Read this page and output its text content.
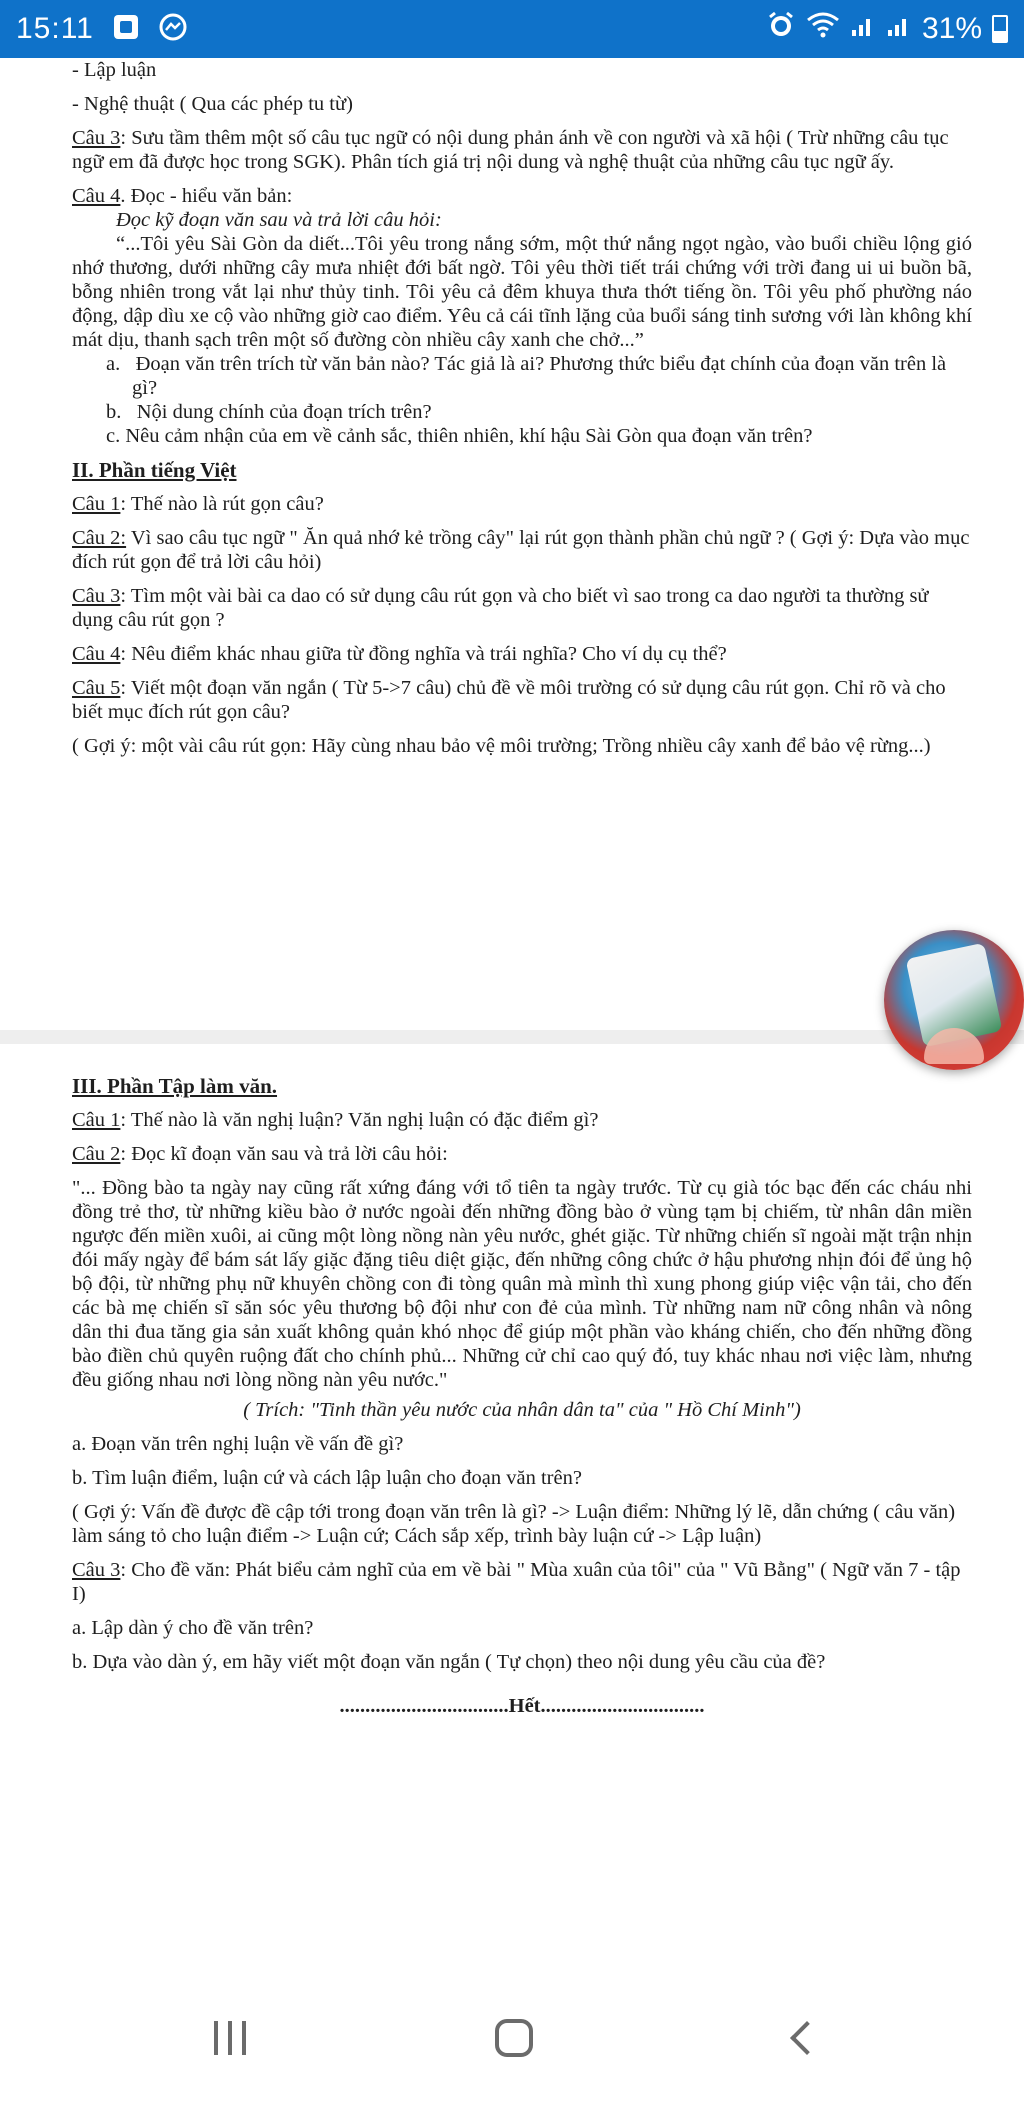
15:11	31%

- Lập luận

- Nghệ thuật ( Qua các phép tu từ)

Câu 3: Sưu tầm thêm một số câu tục ngữ có nội dung phản ánh về con người và xã hội ( Trừ những câu tục ngữ em đã được học trong SGK). Phân tích giá trị nội dung và nghệ thuật của những câu tục ngữ ấy.

Câu 4. Đọc - hiểu văn bản:

Đọc kỹ đoạn văn sau và trả lời câu hỏi:

“...Tôi yêu Sài Gòn da diết...Tôi yêu trong nắng sớm, một thứ nắng ngọt ngào, vào buổi chiều lộng gió nhớ thương, dưới những cây mưa nhiệt đới bất ngờ. Tôi yêu thời tiết trái chứng với trời đang ui ui buồn bã, bỗng nhiên trong vắt lại như thủy tinh. Tôi yêu cả đêm khuya thưa thớt tiếng ồn. Tôi yêu phố phường náo động, dập dìu xe cộ vào những giờ cao điểm. Yêu cả cái tĩnh lặng của buổi sáng tinh sương với làn không khí mát dịu, thanh sạch trên một số đường còn nhiều cây xanh che chở...”

a.   Đoạn văn trên trích từ văn bản nào? Tác giả là ai? Phương thức biểu đạt chính của đoạn văn trên là gì?

b.   Nội dung chính của đoạn trích trên?

c. Nêu cảm nhận của em về cảnh sắc, thiên nhiên, khí hậu Sài Gòn qua đoạn văn trên?

II. Phần tiếng Việt

Câu 1: Thế nào là rút gọn câu?

Câu 2: Vì sao câu tục ngữ " Ăn quả nhớ kẻ trồng cây" lại rút gọn thành phần chủ ngữ ? ( Gợi ý: Dựa vào mục đích rút gọn để trả lời câu hỏi)

Câu 3: Tìm một vài bài ca dao có sử dụng câu rút gọn và cho biết vì sao trong ca dao người ta thường sử dụng câu rút gọn ?

Câu 4: Nêu điểm khác nhau giữa từ đồng nghĩa và trái nghĩa? Cho ví dụ cụ thể?

Câu 5: Viết một đoạn văn ngắn ( Từ 5->7 câu) chủ đề về môi trường có sử dụng câu rút gọn. Chỉ rõ và cho biết mục đích rút gọn câu?

( Gợi ý: một vài câu rút gọn: Hãy cùng nhau bảo vệ môi trường; Trồng nhiều cây xanh để bảo vệ rừng...)

III. Phần Tập làm văn.

Câu 1: Thế nào là văn nghị luận? Văn nghị luận có đặc điểm gì?

Câu 2: Đọc kĩ đoạn văn sau và trả lời câu hỏi:

"... Đồng bào ta ngày nay cũng rất xứng đáng với tổ tiên ta ngày trước. Từ cụ già tóc bạc đến các cháu nhi đồng trẻ thơ, từ những kiều bào ở nước ngoài đến những đồng bào ở vùng tạm bị chiếm, từ nhân dân miền ngược đến miền xuôi, ai cũng một lòng nồng nàn yêu nước, ghét giặc. Từ những chiến sĩ ngoài mặt trận nhịn đói mấy ngày để bám sát lấy giặc đặng tiêu diệt giặc, đến những công chức ở hậu phương nhịn đói để ủng hộ bộ đội, từ những phụ nữ khuyên chồng con đi tòng quân mà mình thì xung phong giúp việc vận tải, cho đến các bà mẹ chiến sĩ săn sóc yêu thương bộ đội như con đẻ của mình. Từ những nam nữ công nhân và nông dân thi đua tăng gia sản xuất không quản khó nhọc để giúp một phần vào kháng chiến, cho đến những đồng bào điền chủ quyên ruộng đất cho chính phủ... Những cử chỉ cao quý đó, tuy khác nhau nơi việc làm, nhưng đều giống nhau nơi lòng nồng nàn yêu nước."

( Trích: "Tinh thần yêu nước của nhân dân ta" của " Hồ Chí Minh")

a. Đoạn văn trên nghị luận về vấn đề gì?

b. Tìm luận điểm, luận cứ và cách lập luận cho đoạn văn trên?

( Gợi ý: Vấn đề được đề cập tới trong đoạn văn trên là gì? -> Luận điểm: Những lý lẽ, dẫn chứng ( câu văn) làm sáng tỏ cho luận điểm -> Luận cứ; Cách sắp xếp, trình bày luận cứ -> Lập luận)

Câu 3: Cho đề văn: Phát biểu cảm nghĩ của em về bài " Mùa xuân của tôi" của " Vũ Bằng" ( Ngữ văn 7 - tập I)

a. Lập dàn ý cho đề văn trên?

b. Dựa vào dàn ý, em hãy viết một đoạn văn ngắn ( Tự chọn) theo nội dung yêu cầu của đề?

.................................Hết................................
